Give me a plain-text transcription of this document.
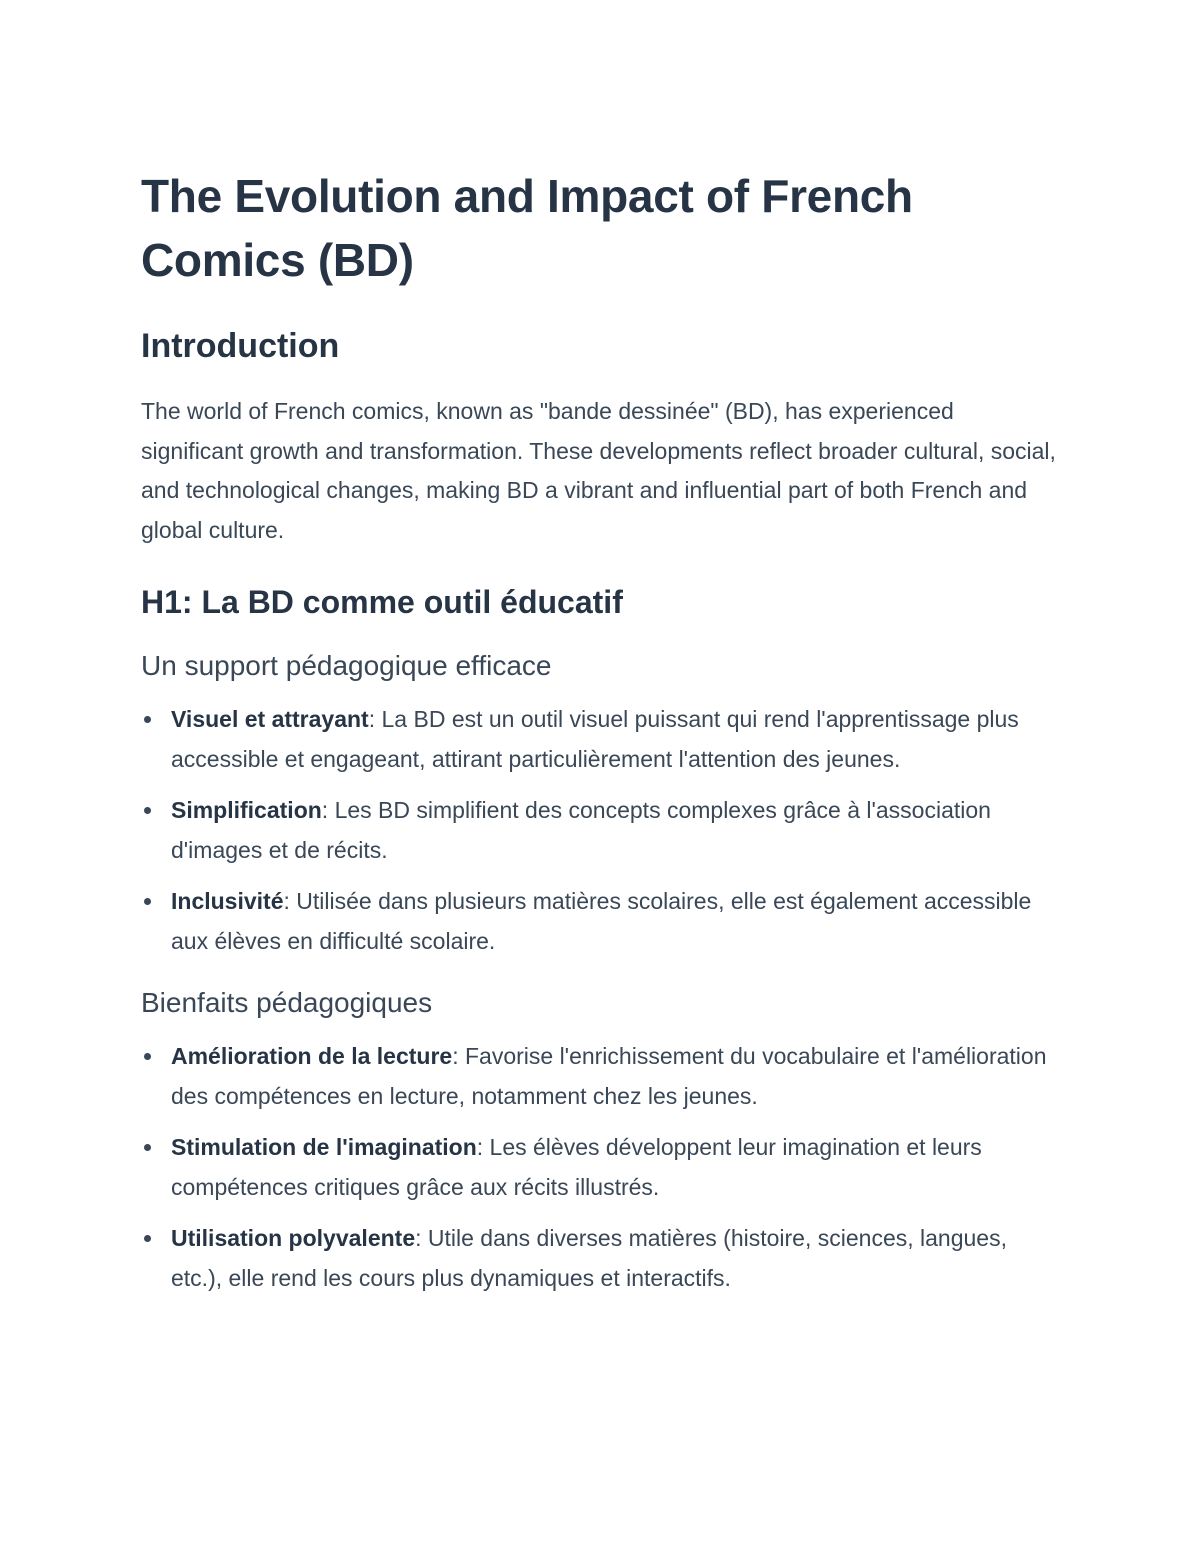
The Evolution and Impact of French Comics (BD)
Introduction

The world of French comics, known as "bande dessinée" (BD), has experienced significant growth and transformation. These developments reflect broader cultural, social, and technological changes, making BD a vibrant and influential part of both French and global culture.

H1: La BD comme outil éducatif
Un support pédagogique efficace
Visuel et attrayant: La BD est un outil visuel puissant qui rend l'apprentissage plus accessible et engageant, attirant particulièrement l'attention des jeunes.
Simplification: Les BD simplifient des concepts complexes grâce à l'association d'images et de récits.
Inclusivité: Utilisée dans plusieurs matières scolaires, elle est également accessible aux élèves en difficulté scolaire.
Bienfaits pédagogiques
Amélioration de la lecture: Favorise l'enrichissement du vocabulaire et l'amélioration des compétences en lecture, notamment chez les jeunes.
Stimulation de l'imagination: Les élèves développent leur imagination et leurs compétences critiques grâce aux récits illustrés.
Utilisation polyvalente: Utile dans diverses matières (histoire, sciences, langues, etc.), elle rend les cours plus dynamiques et interactifs.
